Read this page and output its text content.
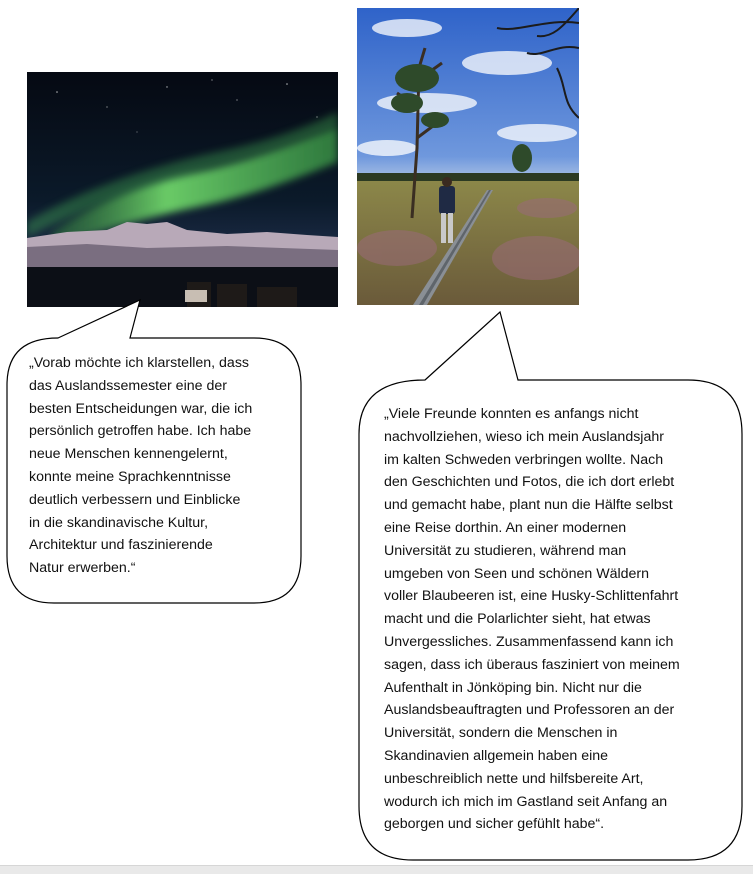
„Vorab möchte ich klarstellen, dass
das Auslandssemester eine der
besten Entscheidungen war, die ich
persönlich getroffen habe. Ich habe
neue Menschen kennengelernt,
konnte meine Sprachkenntnisse
deutlich verbessern und Einblicke
in die skandinavische Kultur,
Architektur und faszinierende
Natur erwerben.“
„Viele Freunde konnten es anfangs nicht
nachvollziehen, wieso ich mein Auslandsjahr
im kalten Schweden verbringen wollte. Nach
den Geschichten und Fotos, die ich dort erlebt
und gemacht habe, plant nun die Hälfte selbst
eine Reise dorthin. An einer modernen
Universität zu studieren, während man
umgeben von Seen und schönen Wäldern
voller Blaubeeren ist, eine Husky-Schlittenfahrt
macht und die Polarlichter sieht, hat etwas
Unvergessliches. Zusammenfassend kann ich
sagen, dass ich überaus fasziniert von meinem
Aufenthalt in Jönköping bin. Nicht nur die
Auslandsbeauftragten und Professoren an der
Universität, sondern die Menschen in
Skandinavien allgemein haben eine
unbeschreiblich nette und hilfsbereite Art,
wodurch ich mich im Gastland seit Anfang an
geborgen und sicher gefühlt habe“.
